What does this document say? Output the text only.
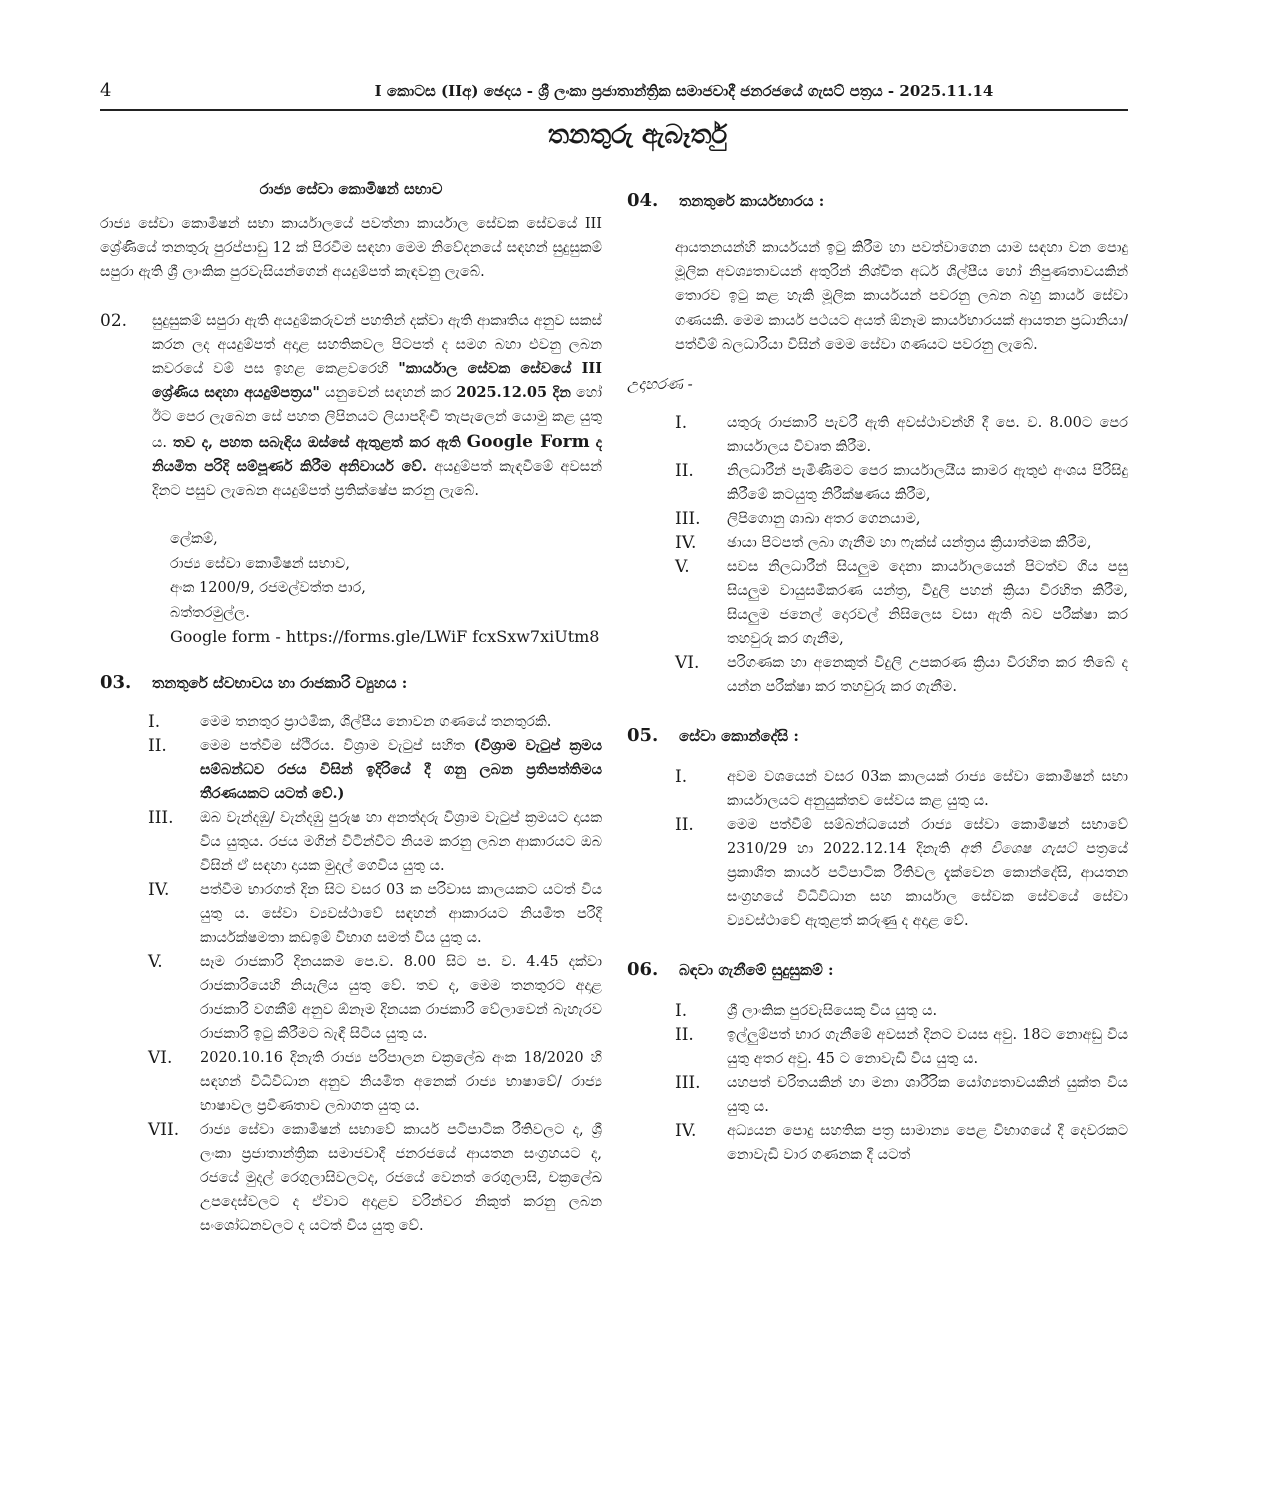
4	I කොටස (IIඅ) ඡෙදය - ශ්‍රී ලංකා ප්‍රජාතාන්ත්‍රික සමාජවාදී ජනරජයේ ගැසට් පත්‍රය - 2025.11.14
තනතුරු ඇබෑර්තු
රාජ්‍ය සේවා කොමිෂන් සභාව

රාජ්‍ය සේවා කොමිෂන් සභා කාර්යාලයේ පවත්නා කාර්යාල සේවක සේවයේ III ශ්‍රේණියේ තනතුරු පුරප්පාඩු 12 ක් පිරවීම සඳහා මෙම නිවේදනයේ සඳහන් සුදුසුකම් සපුරා ඇති ශ්‍රී ලාංකික පුරවැසියන්ගෙන් අයදුම්පත් කැඳවනු ලැබේ.

02. සුදුසුකම් සපුරා ඇති අයදුම්කරුවන් පහතින් දක්වා ඇති ආකෘතිය අනුව සකස් කරන ලද අයදුම්පත් අදාළ සහතිකවල පිටපත් ද සමග බහා එවනු ලබන කවරයේ වම් පස ඉහළ කෙළවරෙහි "කාර්යාල සේවක සේවයේ III ශ්‍රේණිය සඳහා අයදුම්පත්‍රය" යනුවෙන් සඳහන් කර 2025.12.05 දින හෝ ඊට පෙර ලැබෙන සේ පහත ලිපිනයට ලියාපදිංචි තැපැලෙන් යොමු කළ යුතු ය. තව ද, පහත සබැඳිය ඔස්සේ ඇතුළත් කර ඇති Google Form ද නියමිත පරිදි සම්පූර්ණ කිරීම අනිවාර්ය වේ. අයදුම්පත් කැඳවීමේ අවසන් දිනට පසුව ලැබෙන අයදුම්පත් ප්‍රතික්ෂේප කරනු ලැබේ.
ලේකම්,
රාජ්‍ය සේවා කොමිෂන් සභාව,
අංක 1200/9, රජමල්වත්ත පාර,
බත්තරමුල්ල.
Google form - https://forms.gle/LWiF fcxSxw7xiUtm8
03. තනතුරේ ස්වභාවය හා රාජකාරි ව්‍යුහය :
I.	මෙම තනතුර ප්‍රාථමික, ශිල්පීය නොවන ගණයේ තනතුරකි.
II. මෙම පත්වීම ස්ථිරය. විශ්‍රාම වැටුප් සහිත (විශ්‍රාම වැටුප් ක්‍රමය සම්බන්ධව රජය විසින් ඉදිරියේ දී ගනු ලබන ප්‍රතිපත්තිමය තීරණයකට යටත් වේ.)
III. ඔබ වැන්දඹු/ වැන්දඹු පුරුෂ හා අනත්දරු විශ්‍රාම වැටුප් ක්‍රමයට දායක විය යුතුය. රජය මගින් විටින්විට නියම කරනු ලබන ආකාරයට ඔබ විසින් ඒ සඳහා දායක මුදල් ගෙවිය යුතු ය.
IV. පත්වීම භාරගත් දින සිට වසර 03 ක පරිවාස කාලයකට යටත් විය යුතු ය. සේවා ව්‍යවස්ථාවේ සඳහන් ආකාරයට නියමිත පරිදි කාර්යක්ෂමතා කඩඉම් විභාග සමත් විය යුතු ය.
V.	සෑම රාජකාරි දිනයකම පෙ.ව. 8.00 සිට ප. ව. 4.45 දක්වා රාජකාරියෙහි නියැලිය යුතු වේ. තව ද, මෙම තනතුරට අදාළ රාජකාරි වගකීම් අනුව ඕනෑම දිනයක රාජකාරි වේලාවෙන් බැහැරව රාජකාරි ඉටු කිරීමට බැඳී සිටිය යුතු ය.
VI. 2020.10.16 දිනැති රාජ්‍ය පරිපාලන චක්‍රලේඛ අංක 18/2020 හි සඳහන් විධිවිධාන අනුව නියමිත අනෙක් රාජ්‍ය භාෂාවේ/ රාජ්‍ය භාෂාවල ප්‍රවීණතාව ලබාගත යුතු ය.
VII. රාජ්‍ය සේවා කොමිෂන් සභාවේ කාර්ය පටිපාටික රීතිවලට ද, ශ්‍රී ලංකා ප්‍රජාතාන්ත්‍රික සමාජවාදී ජනරජයේ ආයතන සංග්‍රහයට ද, රජයේ මුදල් රෙගුලාසිවලටද, රජයේ වෙනත් රෙගුලාසි, චක්‍රලේඛ උපදෙස්වලට ද ඒවාට අදාළව වරින්වර නිකුත් කරනු ලබන සංශෝධනවලට ද යටත් විය යුතු වේ.
04. තනතුරේ කාර්යභාරය :

ආයතනයන්හි කාර්යයන් ඉටු කිරීම හා පවත්වාගෙන යාම සඳහා වන පොදු මූලික අවශ්‍යතාවයන් අතුරින් නිශ්චිත අර්ධ ශිල්පීය හෝ නිපුණතාවයකින් තොරව ඉටු කළ හැකි මූලික කාර්යයන් පවරනු ලබන බහු කාර්ය සේවා ගණයකි. මෙම කාර්ය පථයට අයත් ඕනෑම කාර්යභාරයක් ආයතන ප්‍රධානියා/පත්වීම් බලධාරියා විසින් මෙම සේවා ගණයට පවරනු ලැබේ.

උදාහරණ -
I.	යතුරු රාජකාරි පැවරී ඇති අවස්ථාවන්හි දී පෙ. ව. 8.00ට පෙර කාර්යාලය විවෘත කිරීම.
II. නිලධාරීන් පැමිණීමට පෙර කාර්යාලයීය කාමර ඇතුළු අංශය පිරිසිදු කිරීමේ කටයුතු නිරීක්ෂණය කිරීම,
III. ලිපිගොනු ශාඛා අතර ගෙනයාම,
IV. ඡායා පිටපත් ලබා ගැනීම හා ෆැක්ස් යන්ත්‍රය ක්‍රියාත්මක කිරීම,
V.	සවස නිලධාරීන් සියලුම දෙනා කාර්යාලයෙන් පිටත්ව ගිය පසු සියලුම වායුසමීකරණ යන්ත්‍ර, විදුලි පහන් ක්‍රියා විරහිත කිරීම, සියලුම ජනෙල් දොරවල් නිසිලෙස වසා ඇති බව පරීක්ෂා කර තහවුරු කර ගැනීම,
VI. පරිගණක හා අනෙකුත් විදුලි උපකරණ ක්‍රියා විරහිත කර තිබේ ද යන්න පරීක්ෂා කර තහවුරු කර ගැනීම.
05. සේවා කොන්දේසි :
I.	අවම වශයෙන් වසර 03ක කාලයක් රාජ්‍ය සේවා කොමිෂන් සභා කාර්යාලයට අනුයුක්තව සේවය කළ යුතු ය.
II. මෙම පත්වීම් සම්බන්ධයෙන් රාජ්‍ය සේවා කොමිෂන් සභාවේ 2310/29 හා 2022.12.14 දිනැති අති විශෙෂ ගැසට් පත්‍රයේ ප්‍රකාශිත කාර්ය පටිපාටික රීතිවල දැක්වෙන කොන්දේසි, ආයතන සංග්‍රහයේ විධිවිධාන සහ කාර්යාල සේවක සේවයේ සේවා ව්‍යවස්ථාවේ ඇතුළත් කරුණු ද අදාළ වේ.
06. බඳවා ගැනීමේ සුදුසුකම් :
I.	ශ්‍රී ලාංකික පුරවැසියෙකු විය යුතු ය.
II. ඉල්ලුම්පත් භාර ගැනීමේ අවසන් දිනට වයස අවු. 18ට නොඅඩු විය යුතු අතර අවු. 45 ට නොවැඩි විය යුතු ය.
III. යහපත් චරිතයකින් හා මනා ශාරීරික යෝග්‍යතාවයකින් යුක්ත විය යුතු ය.
IV. අධ්‍යයන පොදු සහතික පත්‍ර සාමාන්‍ය පෙළ විභාගයේ දී දෙවරකට නොවැඩි වාර ගණනක දී යටත්
